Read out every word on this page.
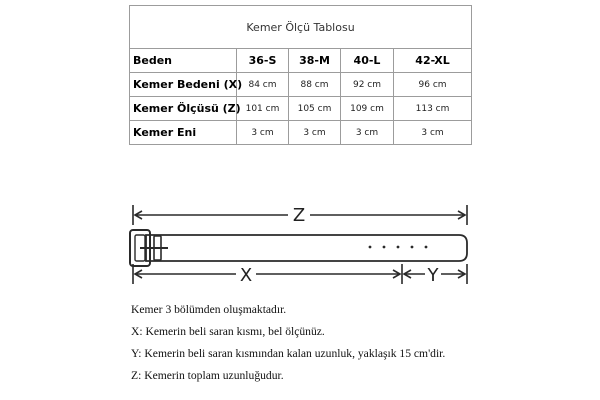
Kemer Ölçü Tablosu				
Beden	36-S	38-M	40-L	42-XL
Kemer Bedeni (X)	84 cm	88 cm	92 cm	96 cm
Kemer Ölçüsü (Z)	101 cm	105 cm	109 cm	113 cm
Kemer Eni	3 cm	3 cm	3 cm	3 cm
Z
X	Y
Kemer 3 bölümden oluşmaktadır.
X: Kemerin beli saran kısmı, bel ölçünüz.
Y: Kemerin beli saran kısmından kalan uzunluk, yaklaşık 15 cm'dir.
Z: Kemerin toplam uzunluğudur.
